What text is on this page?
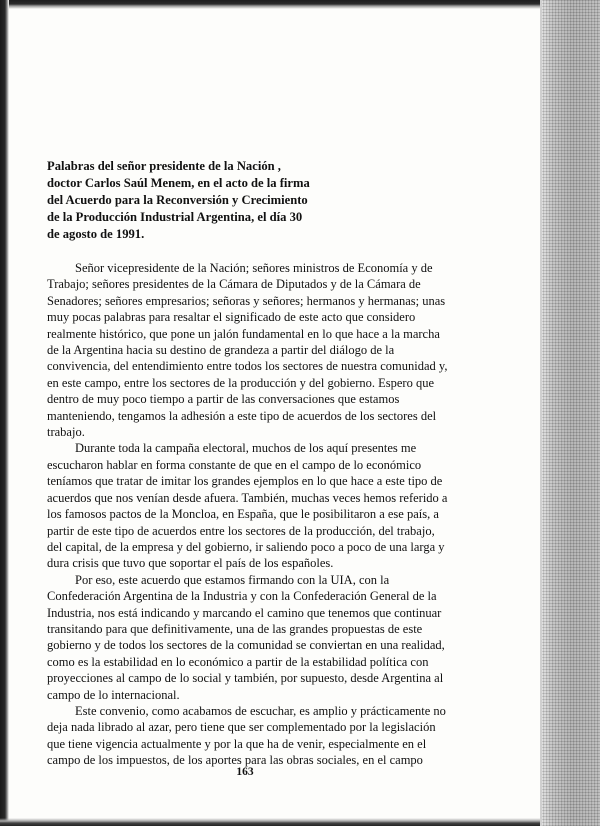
Palabras del señor presidente de la Nación ,
doctor Carlos Saúl Menem, en el acto de la firma
del Acuerdo para la Reconversión y Crecimiento
de la Producción Industrial Argentina, el día 30
de agosto de 1991.
Señor vicepresidente de la Nación; señores ministros de Economía y de
Trabajo; señores presidentes de la Cámara de Diputados y de la Cámara de
Senadores; señores empresarios; señoras y señores; hermanos y hermanas; unas
muy pocas palabras para resaltar el significado de este acto que considero
realmente histórico, que pone un jalón fundamental en lo que hace a la marcha
de la Argentina hacia su destino de grandeza a partir del diálogo de la
convivencia, del entendimiento entre todos los sectores de nuestra comunidad y,
en este campo, entre los sectores de la producción y del gobierno. Espero que
dentro de muy poco tiempo a partir de las conversaciones que estamos
manteniendo, tengamos la adhesión a este tipo de acuerdos de los sectores del
trabajo.
Durante toda la campaña electoral, muchos de los aquí presentes me
escucharon hablar en forma constante de que en el campo de lo económico
teníamos que tratar de imitar los grandes ejemplos en lo que hace a este tipo de
acuerdos que nos venían desde afuera. También, muchas veces hemos referido a
los famosos pactos de la Moncloa, en España, que le posibilitaron a ese país, a
partir de este tipo de acuerdos entre los sectores de la producción, del trabajo,
del capital, de la empresa y del gobierno, ir saliendo poco a poco de una larga y
dura crisis que tuvo que soportar el país de los españoles.
Por eso, este acuerdo que estamos firmando con la UIA, con la
Confederación Argentina de la Industria y con la Confederación General de la
Industria, nos está indicando y marcando el camino que tenemos que continuar
transitando para que definitivamente, una de las grandes propuestas de este
gobierno y de todos los sectores de la comunidad se conviertan en una realidad,
como es la estabilidad en lo económico a partir de la estabilidad política con
proyecciones al campo de lo social y también, por supuesto, desde Argentina al
campo de lo internacional.
Este convenio, como acabamos de escuchar, es amplio y prácticamente no
deja nada librado al azar, pero tiene que ser complementado por la legislación
que tiene vigencia actualmente y por la que ha de venir, especialmente en el
campo de los impuestos, de los aportes para las obras sociales, en el campo
163
